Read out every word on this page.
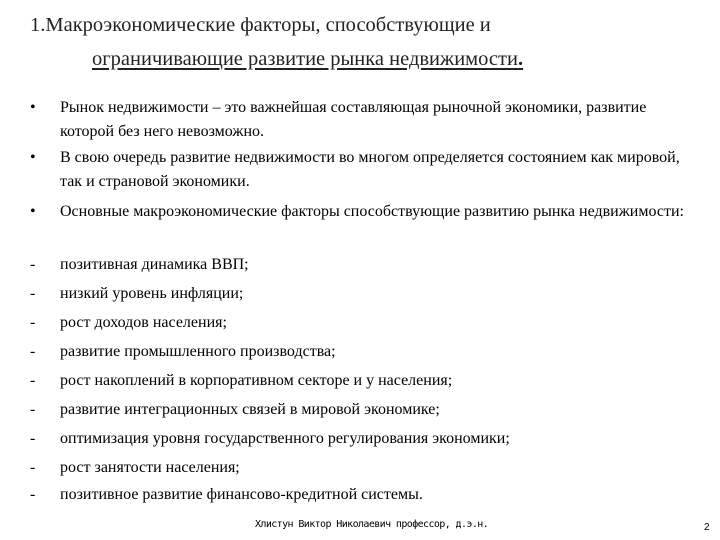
1.Макроэкономические факторы, способствующие и
ограничивающие развитие рынка недвижимости.
•	Рынок недвижимости – это важнейшая составляющая рыночной экономики, развитие которой без него невозможно.
•	В свою очередь развитие недвижимости во многом определяется состоянием как мировой, так и страновой экономики.
•	Основные макроэкономические факторы способствующие развитию рынка недвижимости:
-	позитивная динамика ВВП;
-	низкий уровень инфляции;
-	рост доходов населения;
-	развитие промышленного производства;
-	рост накоплений в корпоративном секторе и у населения;
-	развитие интеграционных связей в мировой экономике;
-	оптимизация уровня государственного регулирования экономики;
-	рост занятости населения;
-	позитивное развитие финансово-кредитной системы.
Хлистун Виктор Николаевич профессор, д.э.н.	2
